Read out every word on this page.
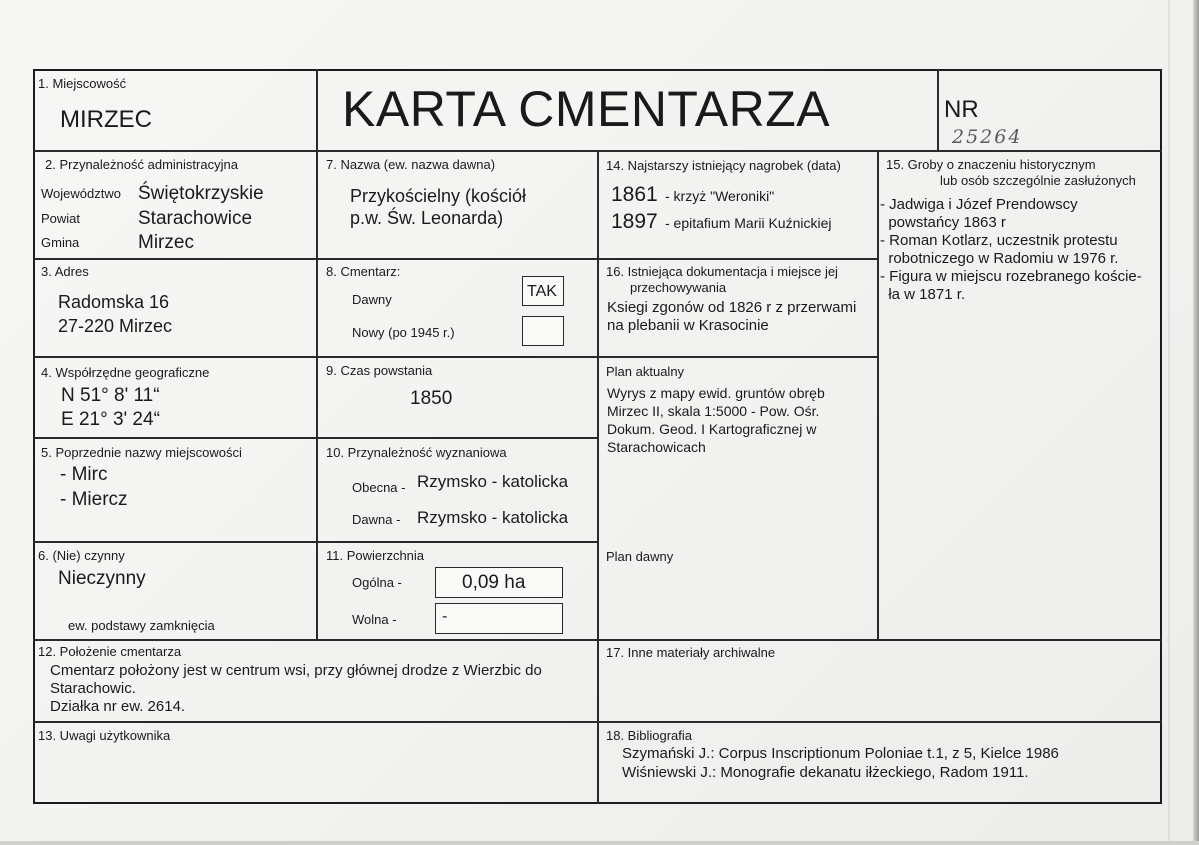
1. Miejscowość
MIRZEC	KARTA CMENTARZA	NR
25264
2. Przynależność administracyjna
Województwo Świętokrzyskie
Powiat	Starachowice
Gmina	Mirzec
3. Adres
Radomska 16
27-220 Mirzec
4. Współrzędne geograficzne
N 51° 8' 11“
E 21° 3' 24“
5. Poprzednie nazwy miejscowości
- Mirc
- Miercz
6. (Nie) czynny
Nieczynny
ew. podstawy zamknięcia
7. Nazwa (ew. nazwa dawna)
Przykościelny (kościół
p.w. Św. Leonarda)
8. Cmentarz:
Dawny	TAK
Nowy (po 1945 r.)
9. Czas powstania
1850
10. Przynależność wyznaniowa
Obecna - Rzymsko - katolicka
Dawna - Rzymsko - katolicka
11. Powierzchnia
Ogólna -	0,09 ha
Wolna -	-
12. Położenie cmentarza
Cmentarz położony jest w centrum wsi, przy głównej drodze z Wierzbic do
Starachowic.
Działka nr ew. 2614.
13. Uwagi użytkownika
14. Najstarszy istniejący nagrobek (data)
1861 - krzyż "Weroniki"
1897 - epitafium Marii Kuźnickiej
15. Groby o znaczeniu historycznym
lub osób szczególnie zasłużonych
- Jadwiga i Józef Prendowscy
powstańcy 1863 r
- Roman Kotlarz, uczestnik protestu
robotniczego w Radomiu w 1976 r.
- Figura w miejscu rozebranego koście-
ła w 1871 r.
16. Istniejąca dokumentacja i miejsce jej
przechowywania
Ksiegi zgonów od 1826 r z przerwami
na plebanii w Krasocinie
Plan aktualny
Wyrys z mapy ewid. gruntów obręb
Mirzec II, skala 1:5000 - Pow. Ośr.
Dokum. Geod. I Kartograficznej w
Starachowicach
Plan dawny
17. Inne materiały archiwalne
18. Bibliografia
Szymański J.: Corpus Inscriptionum Poloniae t.1, z 5, Kielce 1986
Wiśniewski J.: Monografie dekanatu iłżeckiego, Radom 1911.
